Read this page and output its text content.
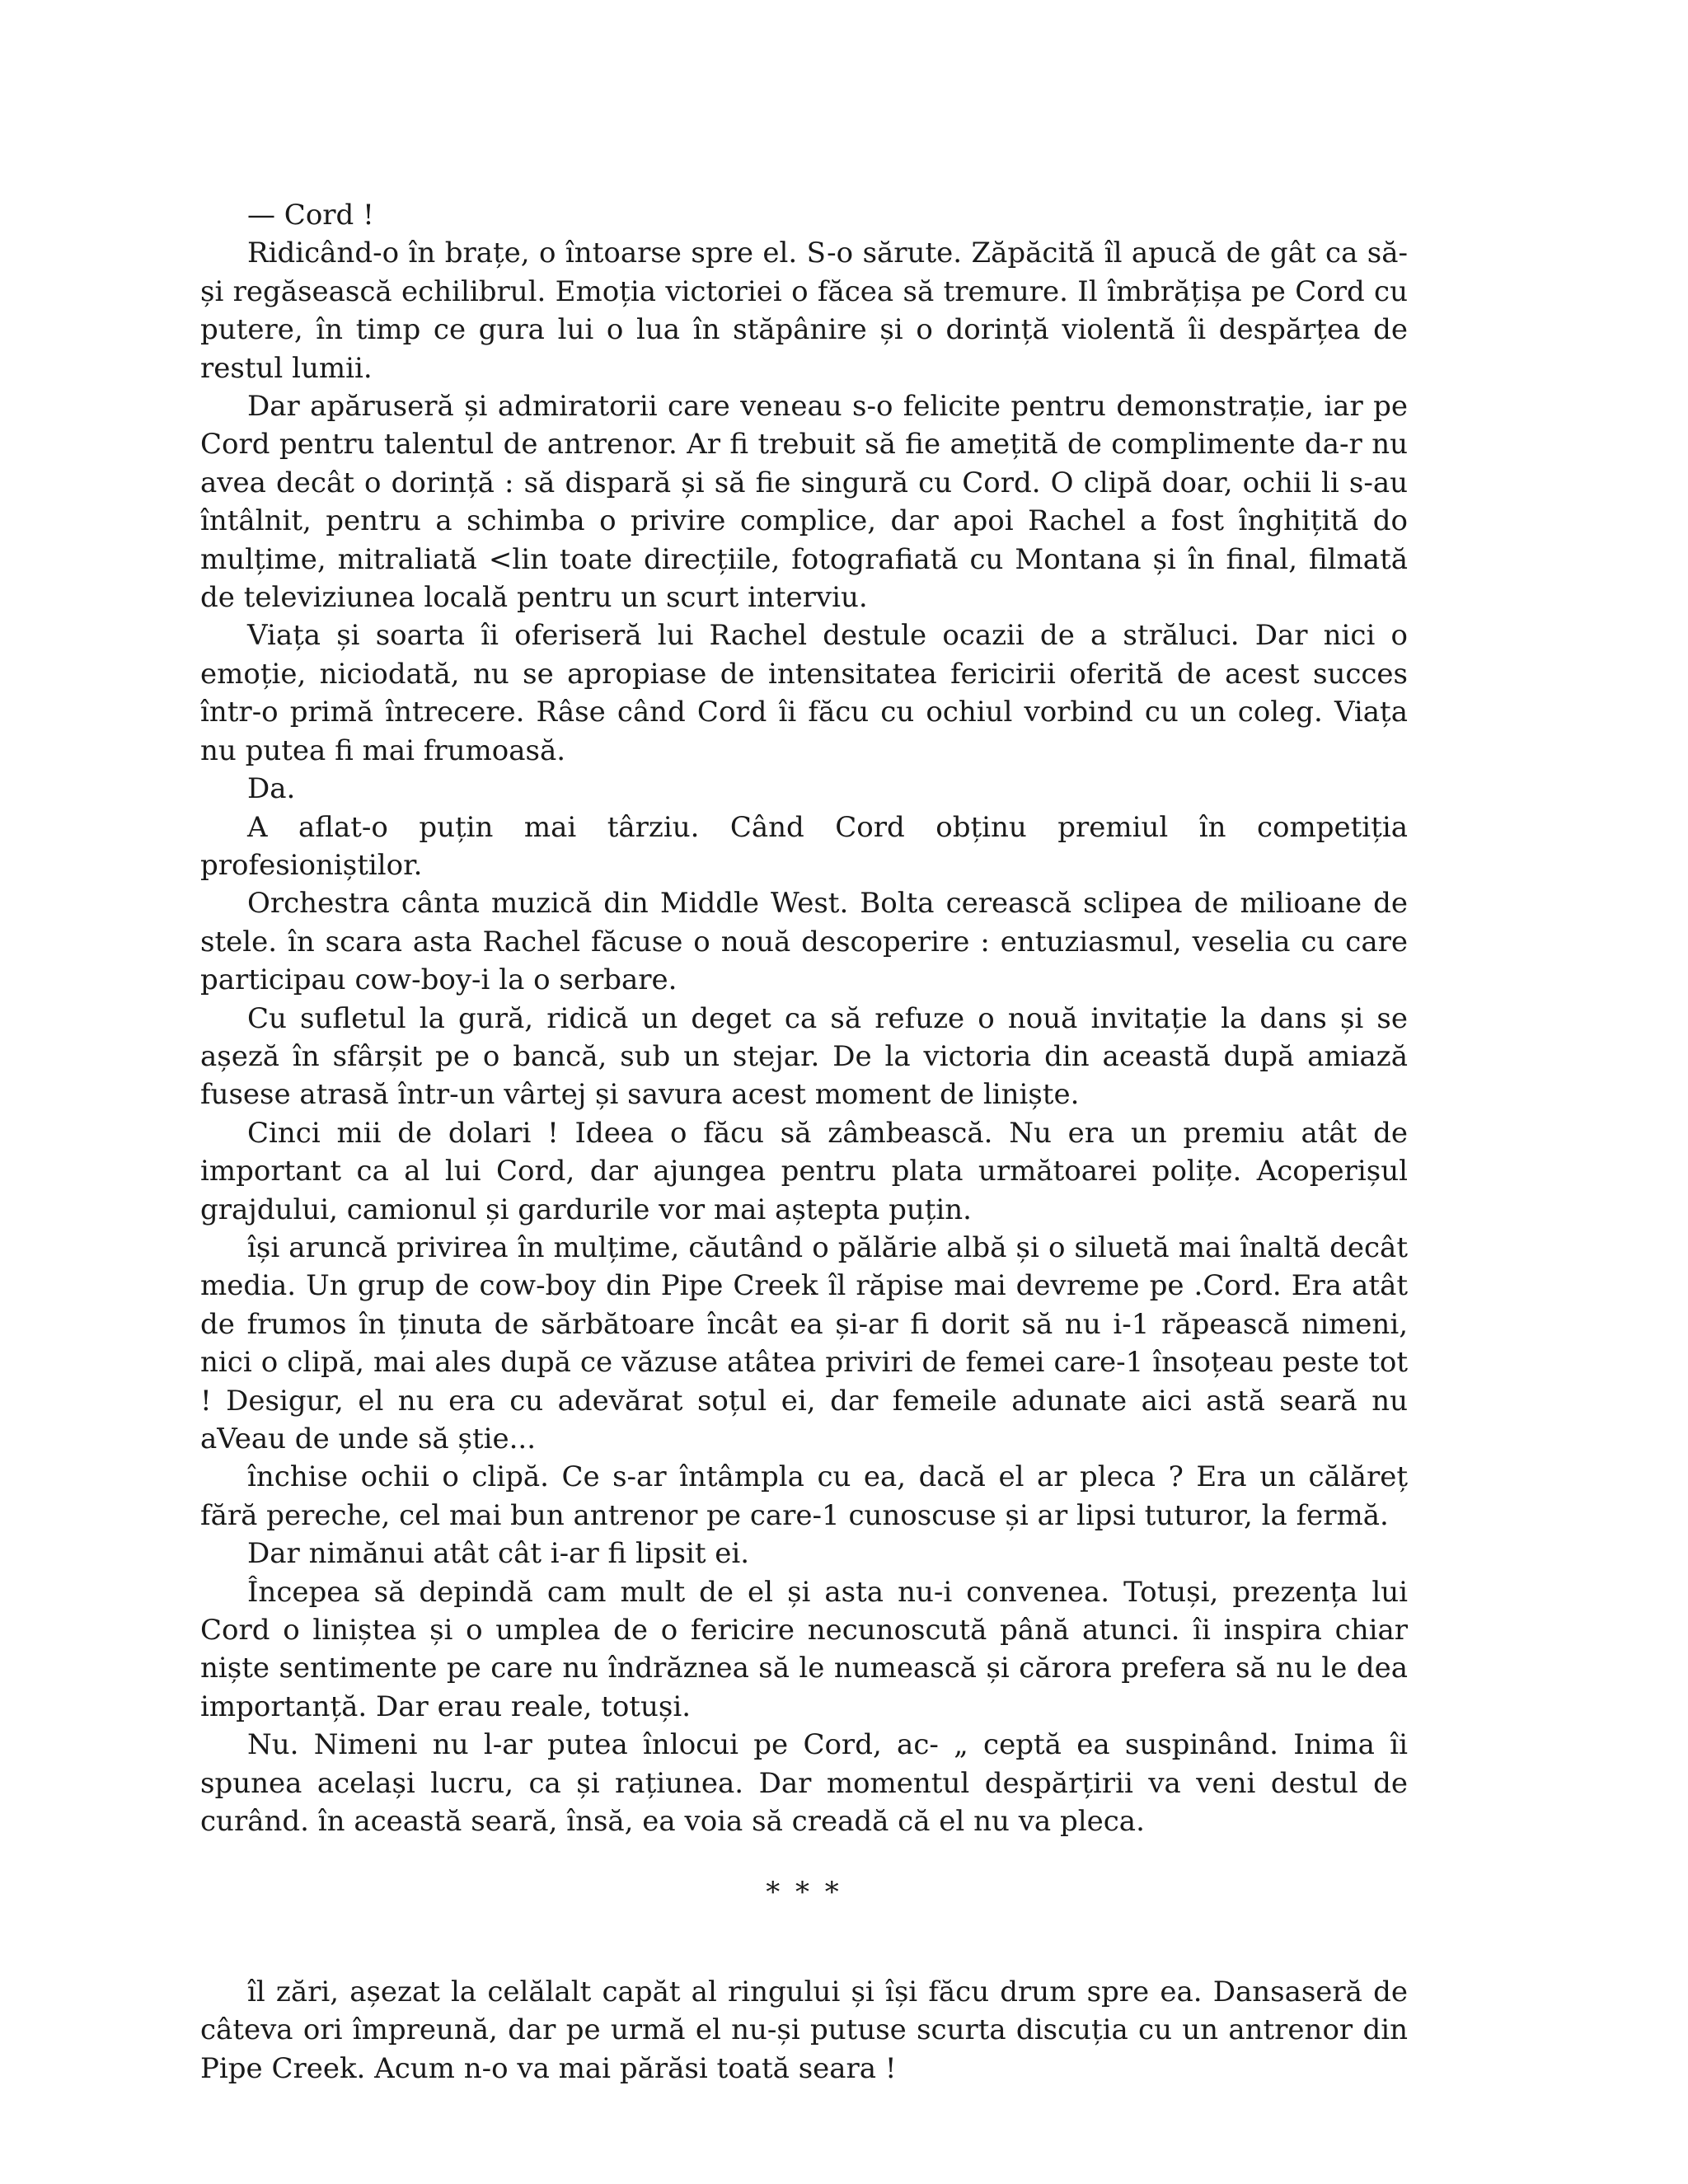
— Cord !

Ridicând-o în brațe, o întoarse spre el. S-o sărute. Zăpăcită îl apucă de gât ca să-și regăsească echilibrul. Emoția victoriei o făcea să tremure. Il îmbrățișa pe Cord cu putere, în timp ce gura lui o lua în stăpânire și o dorință violentă îi despărțea de restul lumii.

Dar apăruseră și admiratorii care veneau s-o felicite pentru demonstrație, iar pe Cord pentru talentul de antrenor. Ar fi trebuit să fie amețită de complimente da-r nu avea decât o dorință : să dispară și să fie singură cu Cord. O clipă doar, ochii li s-au întâlnit, pentru a schimba o privire complice, dar apoi Rachel a fost înghițită do mulțime, mitraliată <lin toate direcțiile, fotografiată cu Montana și în final, filmată de televiziunea locală pentru un scurt interviu.

Viața și soarta îi oferiseră lui Rachel destule ocazii de a străluci. Dar nici o emoție, niciodată, nu se apropiase de intensitatea fericirii oferită de acest succes într-o primă întrecere. Râse când Cord îi făcu cu ochiul vorbind cu un coleg. Viața nu putea fi mai frumoasă.

Da.

A aflat-o puțin mai târziu. Când Cord obținu premiul în competiția profesioniștilor.

Orchestra cânta muzică din Middle West. Bolta cerească sclipea de milioane de stele. în scara asta Rachel făcuse o nouă descoperire : entuziasmul, veselia cu care participau cow-boy-i la o serbare.

Cu sufletul la gură, ridică un deget ca să refuze o nouă invitație la dans și se așeză în sfârșit pe o bancă, sub un stejar. De la victoria din această după amiază fusese atrasă într-un vârtej și savura acest moment de liniște.

Cinci mii de dolari ! Ideea o făcu să zâmbească. Nu era un premiu atât de important ca al lui Cord, dar ajungea pentru plata următoarei polițe. Acoperișul grajdului, camionul și gardurile vor mai aștepta puțin.

își aruncă privirea în mulțime, căutând o pălărie albă și o siluetă mai înaltă decât media. Un grup de cow-boy din Pipe Creek îl răpise mai devreme pe .Cord. Era atât de frumos în ținuta de sărbătoare încât ea și-ar fi dorit să nu i-1 răpească nimeni, nici o clipă, mai ales după ce văzuse atâtea priviri de femei care-1 însoțeau peste tot ! Desigur, el nu era cu adevărat soțul ei, dar femeile adunate aici astă seară nu aVeau de unde să știe...

închise ochii o clipă. Ce s-ar întâmpla cu ea, dacă el ar pleca ? Era un călăreț fără pereche, cel mai bun antrenor pe care-1 cunoscuse și ar lipsi tuturor, la fermă.

Dar nimănui atât cât i-ar fi lipsit ei.

Începea să depindă cam mult de el și asta nu-i convenea. Totuși, prezența lui Cord o liniștea și o umplea de o fericire necunoscută până atunci. îi inspira chiar niște sentimente pe care nu îndrăznea să le numească și cărora prefera să nu le dea importanță. Dar erau reale, totuși.

Nu. Nimeni nu l-ar putea înlocui pe Cord, ac- „ ceptă ea suspinând. Inima îi spunea același lucru, ca și rațiunea. Dar momentul despărțirii va veni destul de curând. în această seară, însă, ea voia să creadă că el nu va pleca.

* * *

îl zări, așezat la celălalt capăt al ringului și își făcu drum spre ea. Dansaseră de câteva ori împreună, dar pe urmă el nu-și putuse scurta discuția cu un antrenor din Pipe Creek. Acum n-o va mai părăsi toată seara !
